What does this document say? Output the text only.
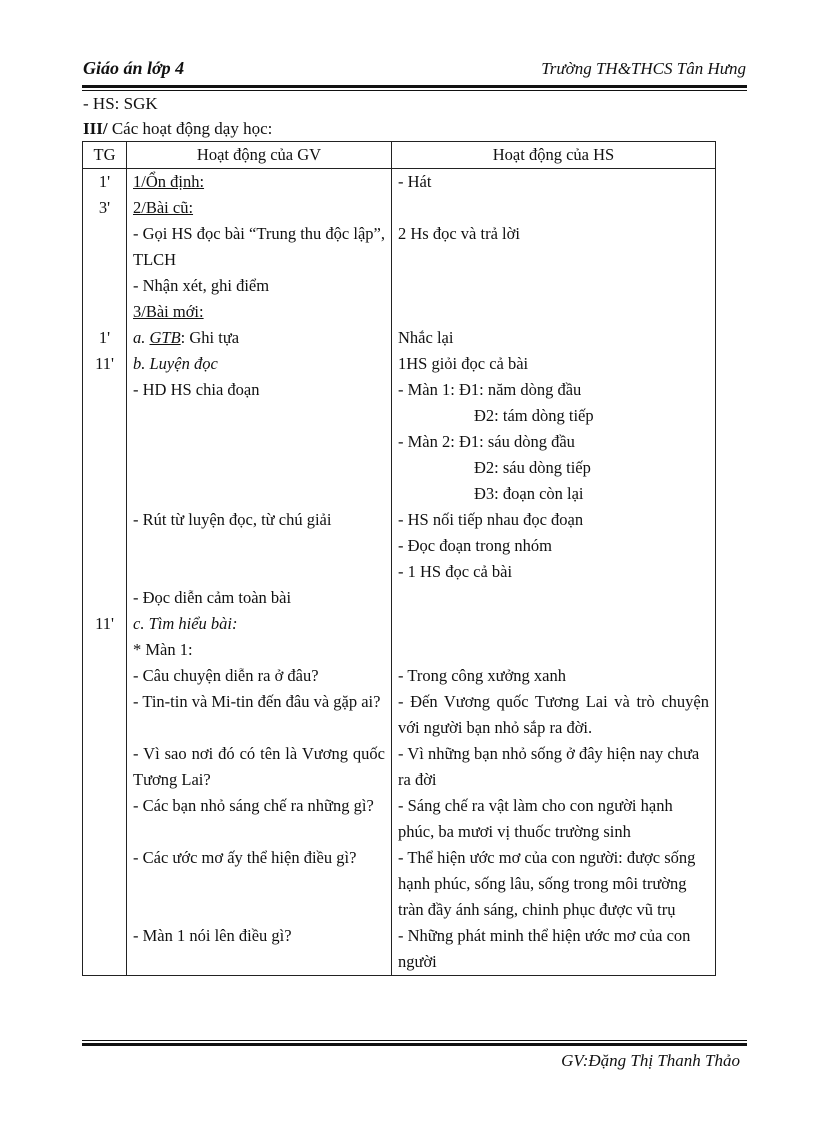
Giáo án lớp 4	Trường TH&THCS Tân Hưng
- HS: SGK
III/ Các hoạt động dạy học:
TG	Hoạt động của GV	Hoạt động của HS
1'	1/Ổn định:	- Hát
3'	2/Bài cũ:	
	- Gọi HS đọc bài “Trung thu độc lập”, TLCH	2 Hs đọc và trả lời
	- Nhận xét, ghi điểm	
	3/Bài mới:	
1'	a. GTB: Ghi tựa	Nhắc lại
11'	b. Luyện đọc	1HS giỏi đọc cả bài
	- HD HS chia đoạn	- Màn 1: Đ1: năm dòng đầu
Đ2: tám dòng tiếp
- Màn 2: Đ1: sáu dòng đầu
Đ2: sáu dòng tiếp
Đ3: đoạn còn lại

	- Rút từ luyện đọc, từ chú giải	- HS nối tiếp nhau đọc đoạn
- Đọc đoạn trong nhóm
- 1 HS đọc cả bài

	- Đọc diễn cảm toàn bài	
11'	c. Tìm hiểu bài:	
	* Màn 1:	
	- Câu chuyện diễn ra ở đâu?	- Trong công xưởng xanh
	- Tin-tin và Mi-tin đến đâu và gặp ai?	- Đến Vương quốc Tương Lai và trò chuyện với người bạn nhỏ sắp ra đời.
	- Vì sao nơi đó có tên là Vương quốc Tương Lai?	- Vì những bạn nhỏ sống ở đây hiện nay chưa ra đời
	- Các bạn nhỏ sáng chế ra những gì?	- Sáng chế ra vật làm cho con người hạnh phúc, ba mươi vị thuốc trường sinh
	- Các ước mơ ấy thể hiện điều gì?	- Thể hiện ước mơ của con người: được sống hạnh phúc, sống lâu, sống trong môi trường tràn đầy ánh sáng, chinh phục được vũ trụ
	- Màn 1 nói lên điều gì?	- Những phát minh thể hiện ước mơ của con người
GV:Đặng Thị Thanh Thảo
